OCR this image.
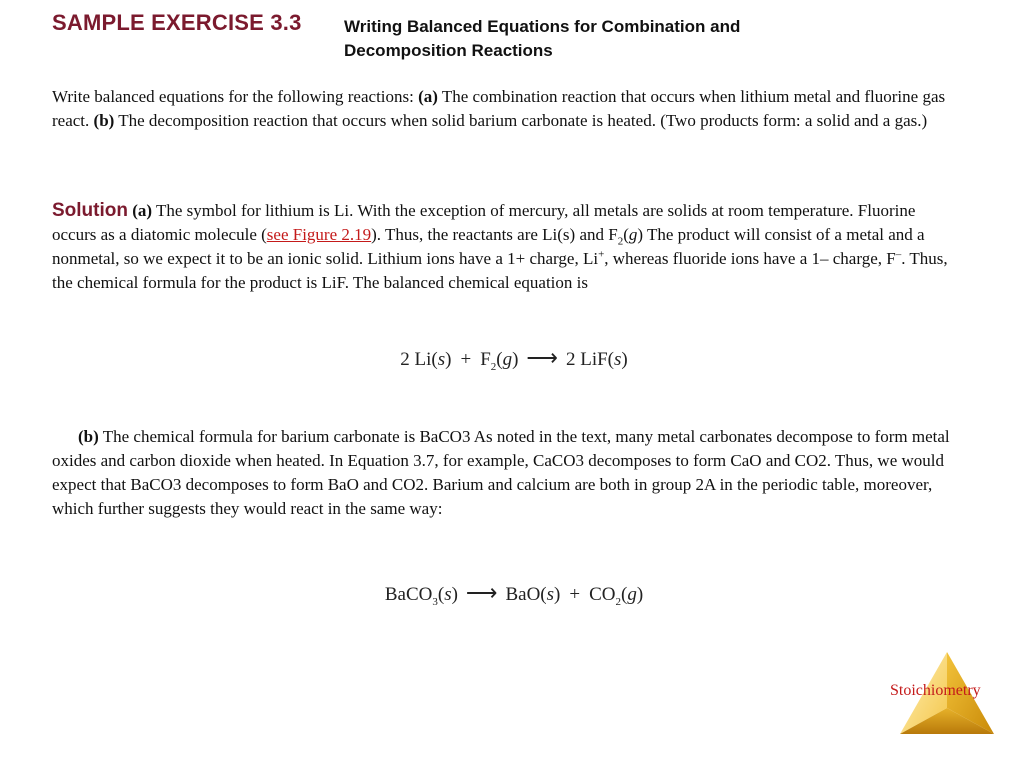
SAMPLE EXERCISE 3.3 Writing Balanced Equations for Combination and
Decomposition Reactions
Write balanced equations for the following reactions: (a) The combination reaction that occurs when lithium metal and fluorine gas react. (b) The decomposition reaction that occurs when solid barium carbonate is heated. (Two products form: a solid and a gas.)
Solution (a) The symbol for lithium is Li. With the exception of mercury, all metals are solids at room temperature. Fluorine occurs as a diatomic molecule (see Figure 2.19). Thus, the reactants are Li(s) and $F_2(g)$ The product will consist of a metal and a nonmetal, so we expect it to be an ionic solid. Lithium ions have a 1+ charge, Li+, whereas fluoride ions have a 1– charge, F–. Thus, the chemical formula for the product is LiF. The balanced chemical equation is
2 $Li(s) + F_2(g)$ ⟶ 2 LiF(s)
(b) The chemical formula for barium carbonate is BaCO3 As noted in the text, many metal carbonates decompose to form metal oxides and carbon dioxide when heated. In Equation 3.7, for example, CaCO3 decomposes to form CaO and CO2. Thus, we would expect that BaCO3 decomposes to form BaO and CO2. Barium and calcium are both in group 2A in the periodic table, moreover, which further suggests they would react in the same way:
BaCO$_3$(s) ⟶ $BaO(s) + CO_2(g)$
Stoichiometry
